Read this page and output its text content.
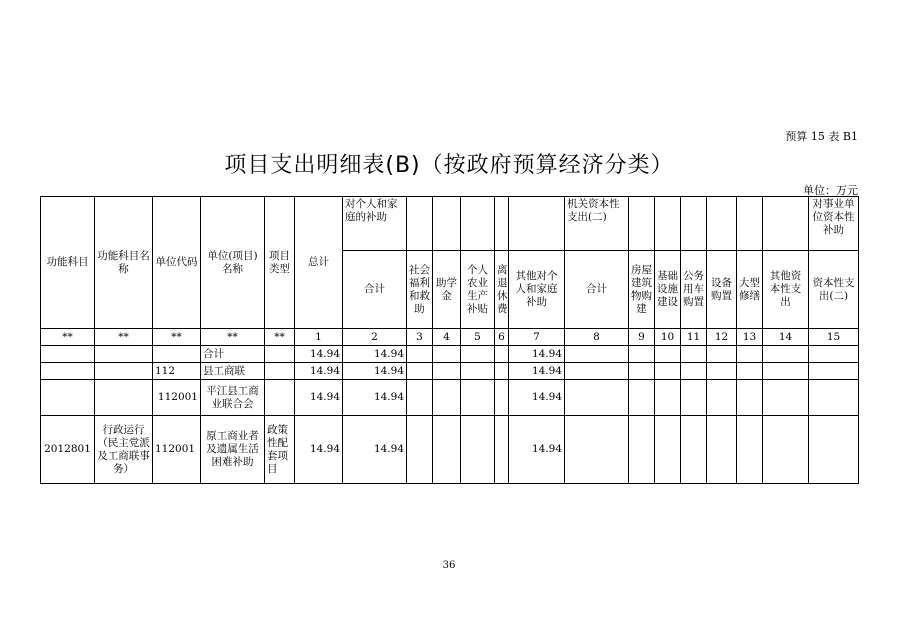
预算 15 表 B1
项目支出明细表(B)（按政府预算经济分类）
单位：万元
功能科目	功能科目名称	单位代码	单位(项目)名称	项目类型	总计	对个人和家庭的补助						机关资本性支出(二)							对事业单位资本性补助
						合计	社会福利和救助	助学金	个人农业生产补贴	离退休费	其他对个人和家庭补助	合计	房屋建筑物购建	基础设施建设	公务用车购置	设备购置	大型修缮	其他资本性支出	资本性支出(二)
**	**	**	**	**	1	2	3	4	5	6	7	8	9	10	11	12	13	14	15
			合计		14.94	14.94					14.94								
		112	县工商联		14.94	14.94					14.94								
		112001	平江县工商业联合会		14.94	14.94					14.94								
2012801	行政运行（民主党派及工商联事务）	112001	原工商业者及遗属生活困难补助	政策性配套项目	14.94	14.94					14.94								
36
